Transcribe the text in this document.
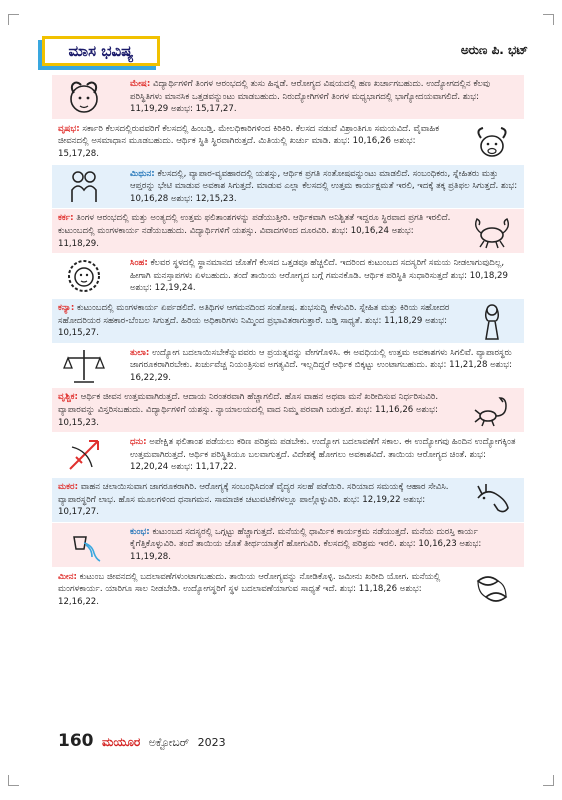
ಮಾಸ ಭವಿಷ್ಯ	ಅರುಣ ಪಿ. ಭಟ್
ಮೇಷ: ವಿದ್ಯಾರ್ಥಿಗಳಿಗೆ ತಿಂಗಳ ಆರಂಭದಲ್ಲಿ ತುಸು ಹಿನ್ನಡೆ. ಆರೋಗ್ಯದ ವಿಷಯದಲ್ಲಿ ಹಣ ಖರ್ಚಾಗಬಹುದು. ಉದ್ಯೋಗದಲ್ಲಿನ ಕೆಲವು ಪರಿಸ್ಥಿತಿಗಳು ಮಾನಸಿಕ ಒತ್ತಡವನ್ನುಂಟು ಮಾಡಬಹುದು. ನಿರುದ್ಯೋಗಿಗಳಿಗೆ ತಿಂಗಳ ಮಧ್ಯಭಾಗದಲ್ಲಿ ಭಾಗ್ಯೋದಯವಾಗಲಿದೆ. ಶುಭ: 11,19,29 ಅಶುಭ: 15,17,27.
ವೃಷಭ: ಸರ್ಕಾರಿ ಕೆಲಸದಲ್ಲಿರುವವರಿಗೆ ಕೆಲಸದಲ್ಲಿ ಹಿಂಬಡ್ತಿ. ಮೇಲಧಿಕಾರಿಗಳಿಂದ ಕಿರಿಕಿರಿ. ಕೆಲಸದ ನಡುವೆ ವಿಶ್ರಾಂತಿಗೂ ಸಮಯವಿದೆ. ವೈವಾಹಿಕ ಜೀವನದಲ್ಲಿ ಅಸಮಾಧಾನ ಮೂಡಬಹುದು. ಆರ್ಥಿಕ ಸ್ಥಿತಿ ಸ್ಥಿರವಾಗಿರುತ್ತದೆ. ಮಿತಿಯಲ್ಲಿ ಖರ್ಚು ಮಾಡಿ. ಶುಭ: 10,16,26 ಅಶುಭ: 15,17,28.
ಮಿಥುನ: ಕೆಲಸದಲ್ಲಿ, ವ್ಯಾಪಾರ-ವ್ಯವಹಾರದಲ್ಲಿ ಯಶಸ್ಸು, ಆರ್ಥಿಕ ಪ್ರಗತಿ ಸಂತೋಷವನ್ನುಂಟು ಮಾಡಲಿದೆ. ಸಂಬಂಧಿಕರು, ಸ್ನೇಹಿತರು ಮತ್ತು ಆಪ್ತರನ್ನು ಭೇಟಿ ಮಾಡುವ ಅವಕಾಶ ಸಿಗುತ್ತದೆ. ಮಾಡುವ ಎಲ್ಲಾ ಕೆಲಸದಲ್ಲಿ ಉತ್ತಮ ಕಾರ್ಯಕ್ಷಮತೆ ಇರಲಿ, ಇದಕ್ಕೆ ತಕ್ಕ ಪ್ರತಿಫಲ ಸಿಗುತ್ತದೆ. ಶುಭ: 10,16,28 ಅಶುಭ: 12,15,23.
ಕರ್ಕ: ತಿಂಗಳ ಆರಂಭದಲ್ಲಿ ಮತ್ತು ಅಂತ್ಯದಲ್ಲಿ ಉತ್ತಮ ಫಲಿತಾಂಶಗಳನ್ನು ಪಡೆಯುತ್ತೀರಿ. ಆರ್ಥಿಕವಾಗಿ ಅನಿಶ್ಚಿತತೆ ಇದ್ದರೂ ಸ್ಥಿರವಾದ ಪ್ರಗತಿ ಇರಲಿದೆ. ಕುಟುಂಬದಲ್ಲಿ ಮಂಗಳಕಾರ್ಯ ನಡೆಯಬಹುದು. ವಿದ್ಯಾರ್ಥಿಗಳಿಗೆ ಯಶಸ್ಸು. ವಿವಾದಗಳಿಂದ ದೂರವಿರಿ. ಶುಭ: 10,16,24 ಅಶುಭ: 11,18,29.
ಸಿಂಹ: ಕೆಲವರ ಸ್ಥಳದಲ್ಲಿ ಸ್ಥಾನಮಾನದ ಜೊತೆಗೆ ಕೆಲಸದ ಒತ್ತಡವೂ ಹೆಚ್ಚಲಿದೆ. ಇದರಿಂದ ಕುಟುಂಬದ ಸದಸ್ಯರಿಗೆ ಸಮಯ ನೀಡಲಾಗುವುದಿಲ್ಲ, ಹೀಗಾಗಿ ಮನಸ್ತಾಪಗಳು ಏಳಬಹುದು. ತಂದೆ ತಾಯಿಯ ಆರೋಗ್ಯದ ಬಗ್ಗೆ ಗಮನಕೊಡಿ. ಆರ್ಥಿಕ ಪರಿಸ್ಥಿತಿ ಸುಧಾರಿಸುತ್ತದೆ ಶುಭ: 10,18,29 ಅಶುಭ: 12,19,24.
ಕನ್ಯಾ: ಕುಟುಂಬದಲ್ಲಿ ಮಂಗಳಕಾರ್ಯ ಏರ್ಪಡಲಿದೆ. ಅತಿಥಿಗಳ ಆಗಮನದಿಂದ ಸಂತೋಷ. ಶುಭಸುದ್ದಿ ಕೇಳುವಿರಿ. ಸ್ನೇಹಿತ ಮತ್ತು ಕಿರಿಯ ಸಹೋದರ ಸಹೋದರಿಯರ ಸಹಕಾರ-ಬೆಂಬಲ ಸಿಗುತ್ತದೆ. ಹಿರಿಯ ಅಧಿಕಾರಿಗಳು ನಿಮ್ಮಿಂದ ಪ್ರಭಾವಿತರಾಗುತ್ತಾರೆ. ಬಡ್ತಿ ಸಾಧ್ಯತೆ. ಶುಭ: 11,18,29 ಅಶುಭ: 10,15,27.
ತುಲಾ: ಉದ್ಯೋಗ ಬದಲಾಯಿಸಬೇಕೆನ್ನುವವರು ಆ ಪ್ರಯತ್ನವನ್ನು ವೇಗಗೊಳಿಸಿ. ಈ ಅವಧಿಯಲ್ಲಿ ಉತ್ತಮ ಅವಕಾಶಗಳು ಸಿಗಲಿವೆ. ವ್ಯಾಪಾರಸ್ಥರು ಜಾಗರೂಕರಾಗಿರಬೇಕು. ಖರ್ಚುವೆಚ್ಚ ನಿಯಂತ್ರಿಸುವ ಅಗತ್ಯವಿದೆ. ಇಲ್ಲದಿದ್ದರೆ ಆರ್ಥಿಕ ಬಿಕ್ಕಟ್ಟು ಉಂಟಾಗಬಹುದು. ಶುಭ: 11,21,28 ಅಶುಭ: 16,22,29.
ವೃಶ್ಚಿಕ: ಆರ್ಥಿಕ ಜೀವನ ಉತ್ತಮವಾಗಿರುತ್ತದೆ. ಆದಾಯ ನಿರಂತರವಾಗಿ ಹೆಚ್ಚಾಗಲಿದೆ. ಹೊಸ ವಾಹನ ಅಥವಾ ಮನೆ ಖರೀದಿಸುವ ನಿರ್ಧರಿಸುವಿರಿ. ವ್ಯಾಪಾರವನ್ನು ವಿಸ್ತರಿಸಬಹುದು. ವಿದ್ಯಾರ್ಥಿಗಳಿಗೆ ಯಶಸ್ಸು. ನ್ಯಾಯಾಲಯದಲ್ಲಿ ವಾದ ನಿಮ್ಮ ಪರವಾಗಿ ಬರುತ್ತದೆ. ಶುಭ: 11,16,26 ಅಶುಭ: 10,15,23.
ಧನು: ಅಪೇಕ್ಷಿತ ಫಲಿತಾಂಶ ಪಡೆಯಲು ಕಠಿಣ ಪರಿಶ್ರಮ ಪಡಬೇಕು. ಉದ್ಯೋಗ ಬದಲಾವಣೆಗೆ ಸಕಾಲ. ಈ ಉದ್ಯೋಗವು ಹಿಂದಿನ ಉದ್ಯೋಗಕ್ಕಿಂತ ಉತ್ತಮವಾಗಿರುತ್ತದೆ. ಆರ್ಥಿಕ ಪರಿಸ್ಥಿತಿಯೂ ಬಲವಾಗುತ್ತದೆ. ವಿದೇಶಕ್ಕೆ ಹೋಗಲು ಅವಕಾಶವಿದೆ. ತಾಯಿಯ ಆರೋಗ್ಯದ ಚಿಂತೆ. ಶುಭ: 12,20,24 ಅಶುಭ: 11,17,22.
ಮಕರ: ವಾಹನ ಚಲಾಯಿಸುವಾಗ ಜಾಗರೂಕರಾಗಿರಿ. ಆರೋಗ್ಯಕ್ಕೆ ಸಂಬಂಧಿಸಿದಂತೆ ವೈದ್ಯರ ಸಲಹೆ ಪಡೆಯಿರಿ. ಸರಿಯಾದ ಸಮಯಕ್ಕೆ ಆಹಾರ ಸೇವಿಸಿ. ವ್ಯಾಪಾರಸ್ಥರಿಗೆ ಲಾಭ. ಹೊಸ ಮೂಲಗಳಿಂದ ಧನಾಗಮನ. ಸಾಮಾಜಿಕ ಚಟುವಟಿಕೆಗಳಲ್ಲೂ ಪಾಲ್ಗೊಳ್ಳುವಿರಿ. ಶುಭ: 12,19,22 ಅಶುಭ: 10,17,27.
ಕುಂಭ: ಕುಟುಂಬದ ಸದಸ್ಯರಲ್ಲಿ ಒಗ್ಗಟ್ಟು ಹೆಚ್ಚಾಗುತ್ತದೆ. ಮನೆಯಲ್ಲಿ ಧಾರ್ಮಿಕ ಕಾರ್ಯಕ್ರಮ ನಡೆಯುತ್ತದೆ. ಮನೆಯ ದುರಸ್ತಿ ಕಾರ್ಯ ಕೈಗೆತ್ತಿಕೊಳ್ಳುವಿರಿ. ತಂದೆ ತಾಯಿಯ ಜೊತೆ ತೀರ್ಥಯಾತ್ರೆಗೆ ಹೋಗುವಿರಿ. ಕೆಲಸದಲ್ಲಿ ಪರಿಶ್ರಮ ಇರಲಿ. ಶುಭ: 10,16,23 ಅಶುಭ: 11,19,28.
ಮೀನ: ಕುಟುಂಬ ಜೀವನದಲ್ಲಿ ಬದಲಾವಣೆಗಳುಂಟಾಗಬಹುದು. ತಾಯಿಯ ಆರೋಗ್ಯವನ್ನು ನೋಡಿಕೊಳ್ಳಿ. ಜಮೀನು ಖರೀದಿ ಯೋಗ. ಮನೆಯಲ್ಲಿ ಮಂಗಳಕಾರ್ಯ. ಯಾರಿಗೂ ಸಾಲ ನೀಡಬೇಡಿ. ಉದ್ಯೋಗಸ್ಥರಿಗೆ ಸ್ಥಳ ಬದಲಾವಣೆಯಾಗುವ ಸಾಧ್ಯತೆ ಇದೆ. ಶುಭ: 11,18,26 ಅಶುಭ: 12,16,22.
160 ಮಯೂರ ಅಕ್ಟೋಬರ್ 2023
